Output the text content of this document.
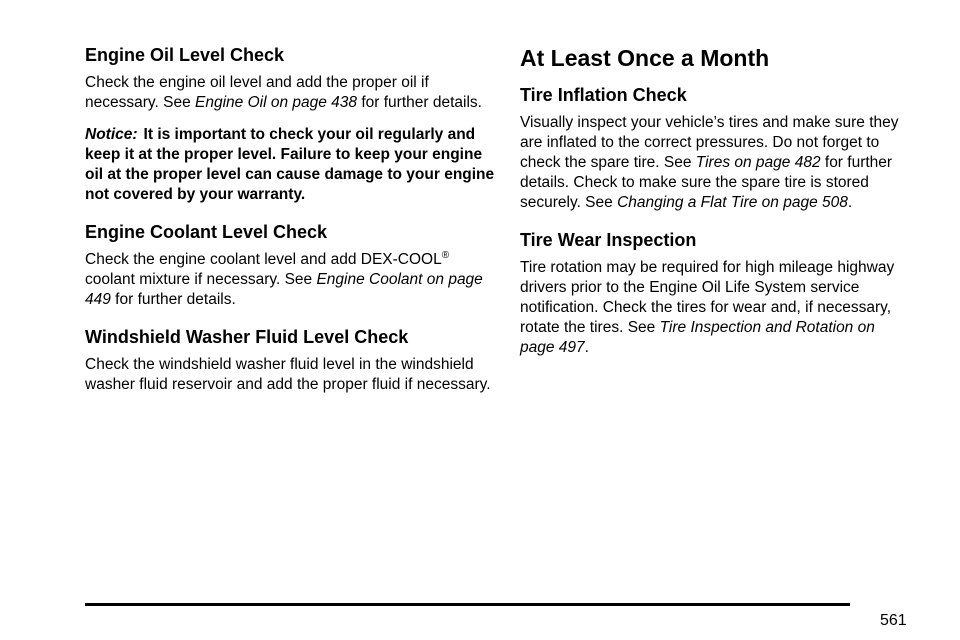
Engine Oil Level Check

Check the engine oil level and add the proper oil if necessary. See Engine Oil on page 438 for further details.

Notice: It is important to check your oil regularly and keep it at the proper level. Failure to keep your engine oil at the proper level can cause damage to your engine not covered by your warranty.

Engine Coolant Level Check

Check the engine coolant level and add DEX-COOL® coolant mixture if necessary. See Engine Coolant on page 449 for further details.

Windshield Washer Fluid Level Check

Check the windshield washer fluid level in the windshield washer fluid reservoir and add the proper fluid if necessary.

At Least Once a Month
Tire Inflation Check

Visually inspect your vehicle’s tires and make sure they are inflated to the correct pressures. Do not forget to check the spare tire. See Tires on page 482 for further details. Check to make sure the spare tire is stored securely. See Changing a Flat Tire on page 508.

Tire Wear Inspection

Tire rotation may be required for high mileage highway drivers prior to the Engine Oil Life System service notification. Check the tires for wear and, if necessary, rotate the tires. See Tire Inspection and Rotation on page 497.

561
